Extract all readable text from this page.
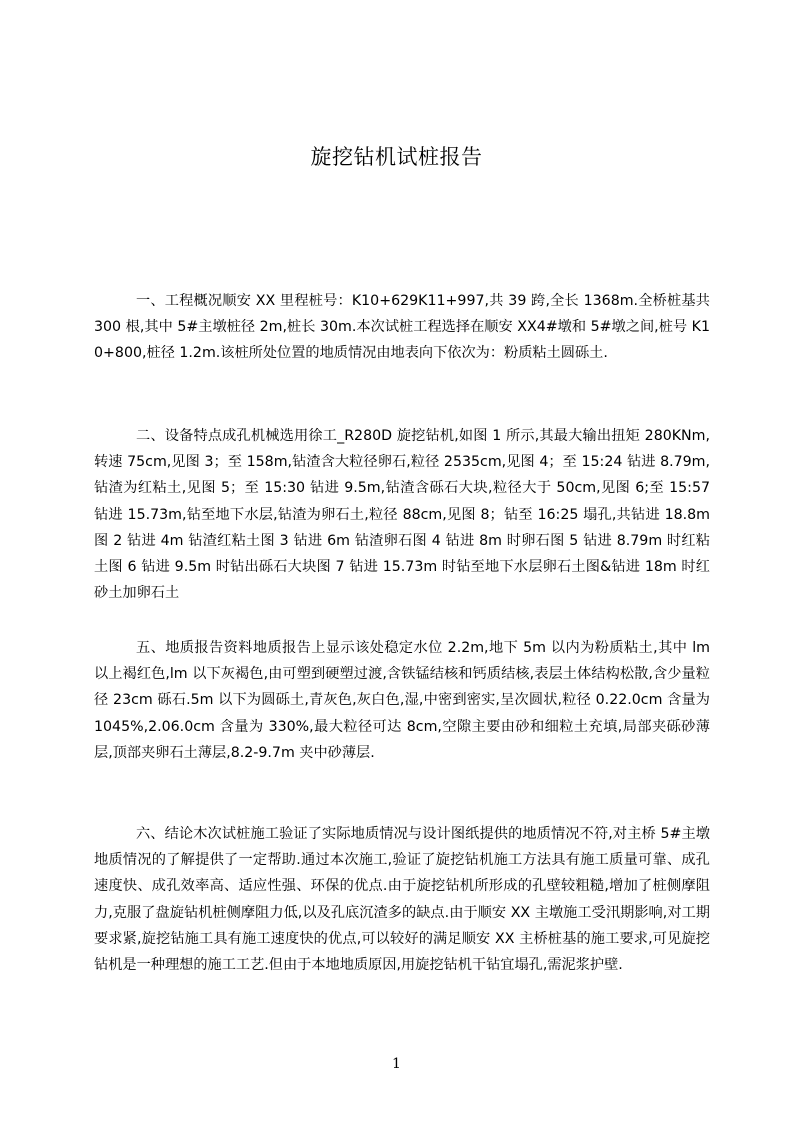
旋挖钻机试桩报告

一、工程概况顺安 XX 里程桩号：K10+629K11+997,共 39 跨,全长 1368m.全桥桩基共 300 根,其中 5#主墩桩径 2m,桩长 30m.本次试桩工程选择在顺安 XX4#墩和 5#墩之间,桩号 K10+800,桩径 1.2m.该桩所处位置的地质情况由地表向下依次为：粉质粘土圆砾土.

二、设备特点成孔机械选用徐工_R280D 旋挖钻机,如图 1 所示,其最大输出扭矩 280KNm,转速 75cm,见图 3；至 158m,钻渣含大粒径卵石,粒径 2535cm,见图 4；至 15:24 钻进 8.79m,钻渣为红粘土,见图 5；至 15:30 钻进 9.5m,钻渣含砾石大块,粒径大于 50cm,见图 6;至 15:57 钻进 15.73m,钻至地下水层,钻渣为卵石土,粒径 88cm,见图 8；钻至 16:25 塌孔,共钻进 18.8m 图 2 钻进 4m 钻渣红粘土图 3 钻进 6m 钻渣卵石图 4 钻进 8m 时卵石图 5 钻进 8.79m 时红粘土图 6 钻进 9.5m 时钻出砾石大块图 7 钻进 15.73m 时钻至地下水层卵石土图&钻进 18m 时红砂土加卵石土

五、地质报告资料地质报告上显示该处稳定水位 2.2m,地下 5m 以内为粉质粘土,其中 lm 以上褐红色,lm 以下灰褐色,由可塑到硬塑过渡,含铁锰结核和钙质结核,表层土体结构松散,含少量粒径 23cm 砾石.5m 以下为圆砾土,青灰色,灰白色,湿,中密到密实,呈次圆状,粒径 0.22.0cm 含量为 1045%,2.06.0cm 含量为 330%,最大粒径可达 8cm,空隙主要由砂和细粒土充填,局部夹砾砂薄层,顶部夹卵石土薄层,8.2-9.7m 夹中砂薄层.

六、结论木次试桩施工验证了实际地质情况与设计图纸提供的地质情况不符,对主桥 5#主墩地质情况的了解提供了一定帮助.通过本次施工,验证了旋挖钻机施工方法具有施工质量可靠、成孔速度快、成孔效率高、适应性强、环保的优点.由于旋挖钻机所形成的孔壁较粗糙,增加了桩侧摩阻力,克服了盘旋钻机桩侧摩阻力低,以及孔底沉渣多的缺点.由于顺安 XX 主墩施工受汛期影响,对工期要求紧,旋挖钻施工具有施工速度快的优点,可以较好的满足顺安 XX 主桥桩基的施工要求,可见旋挖钻机是一种理想的施工工艺.但由于本地地质原因,用旋挖钻机干钻宜塌孔,需泥浆护壁.

1
